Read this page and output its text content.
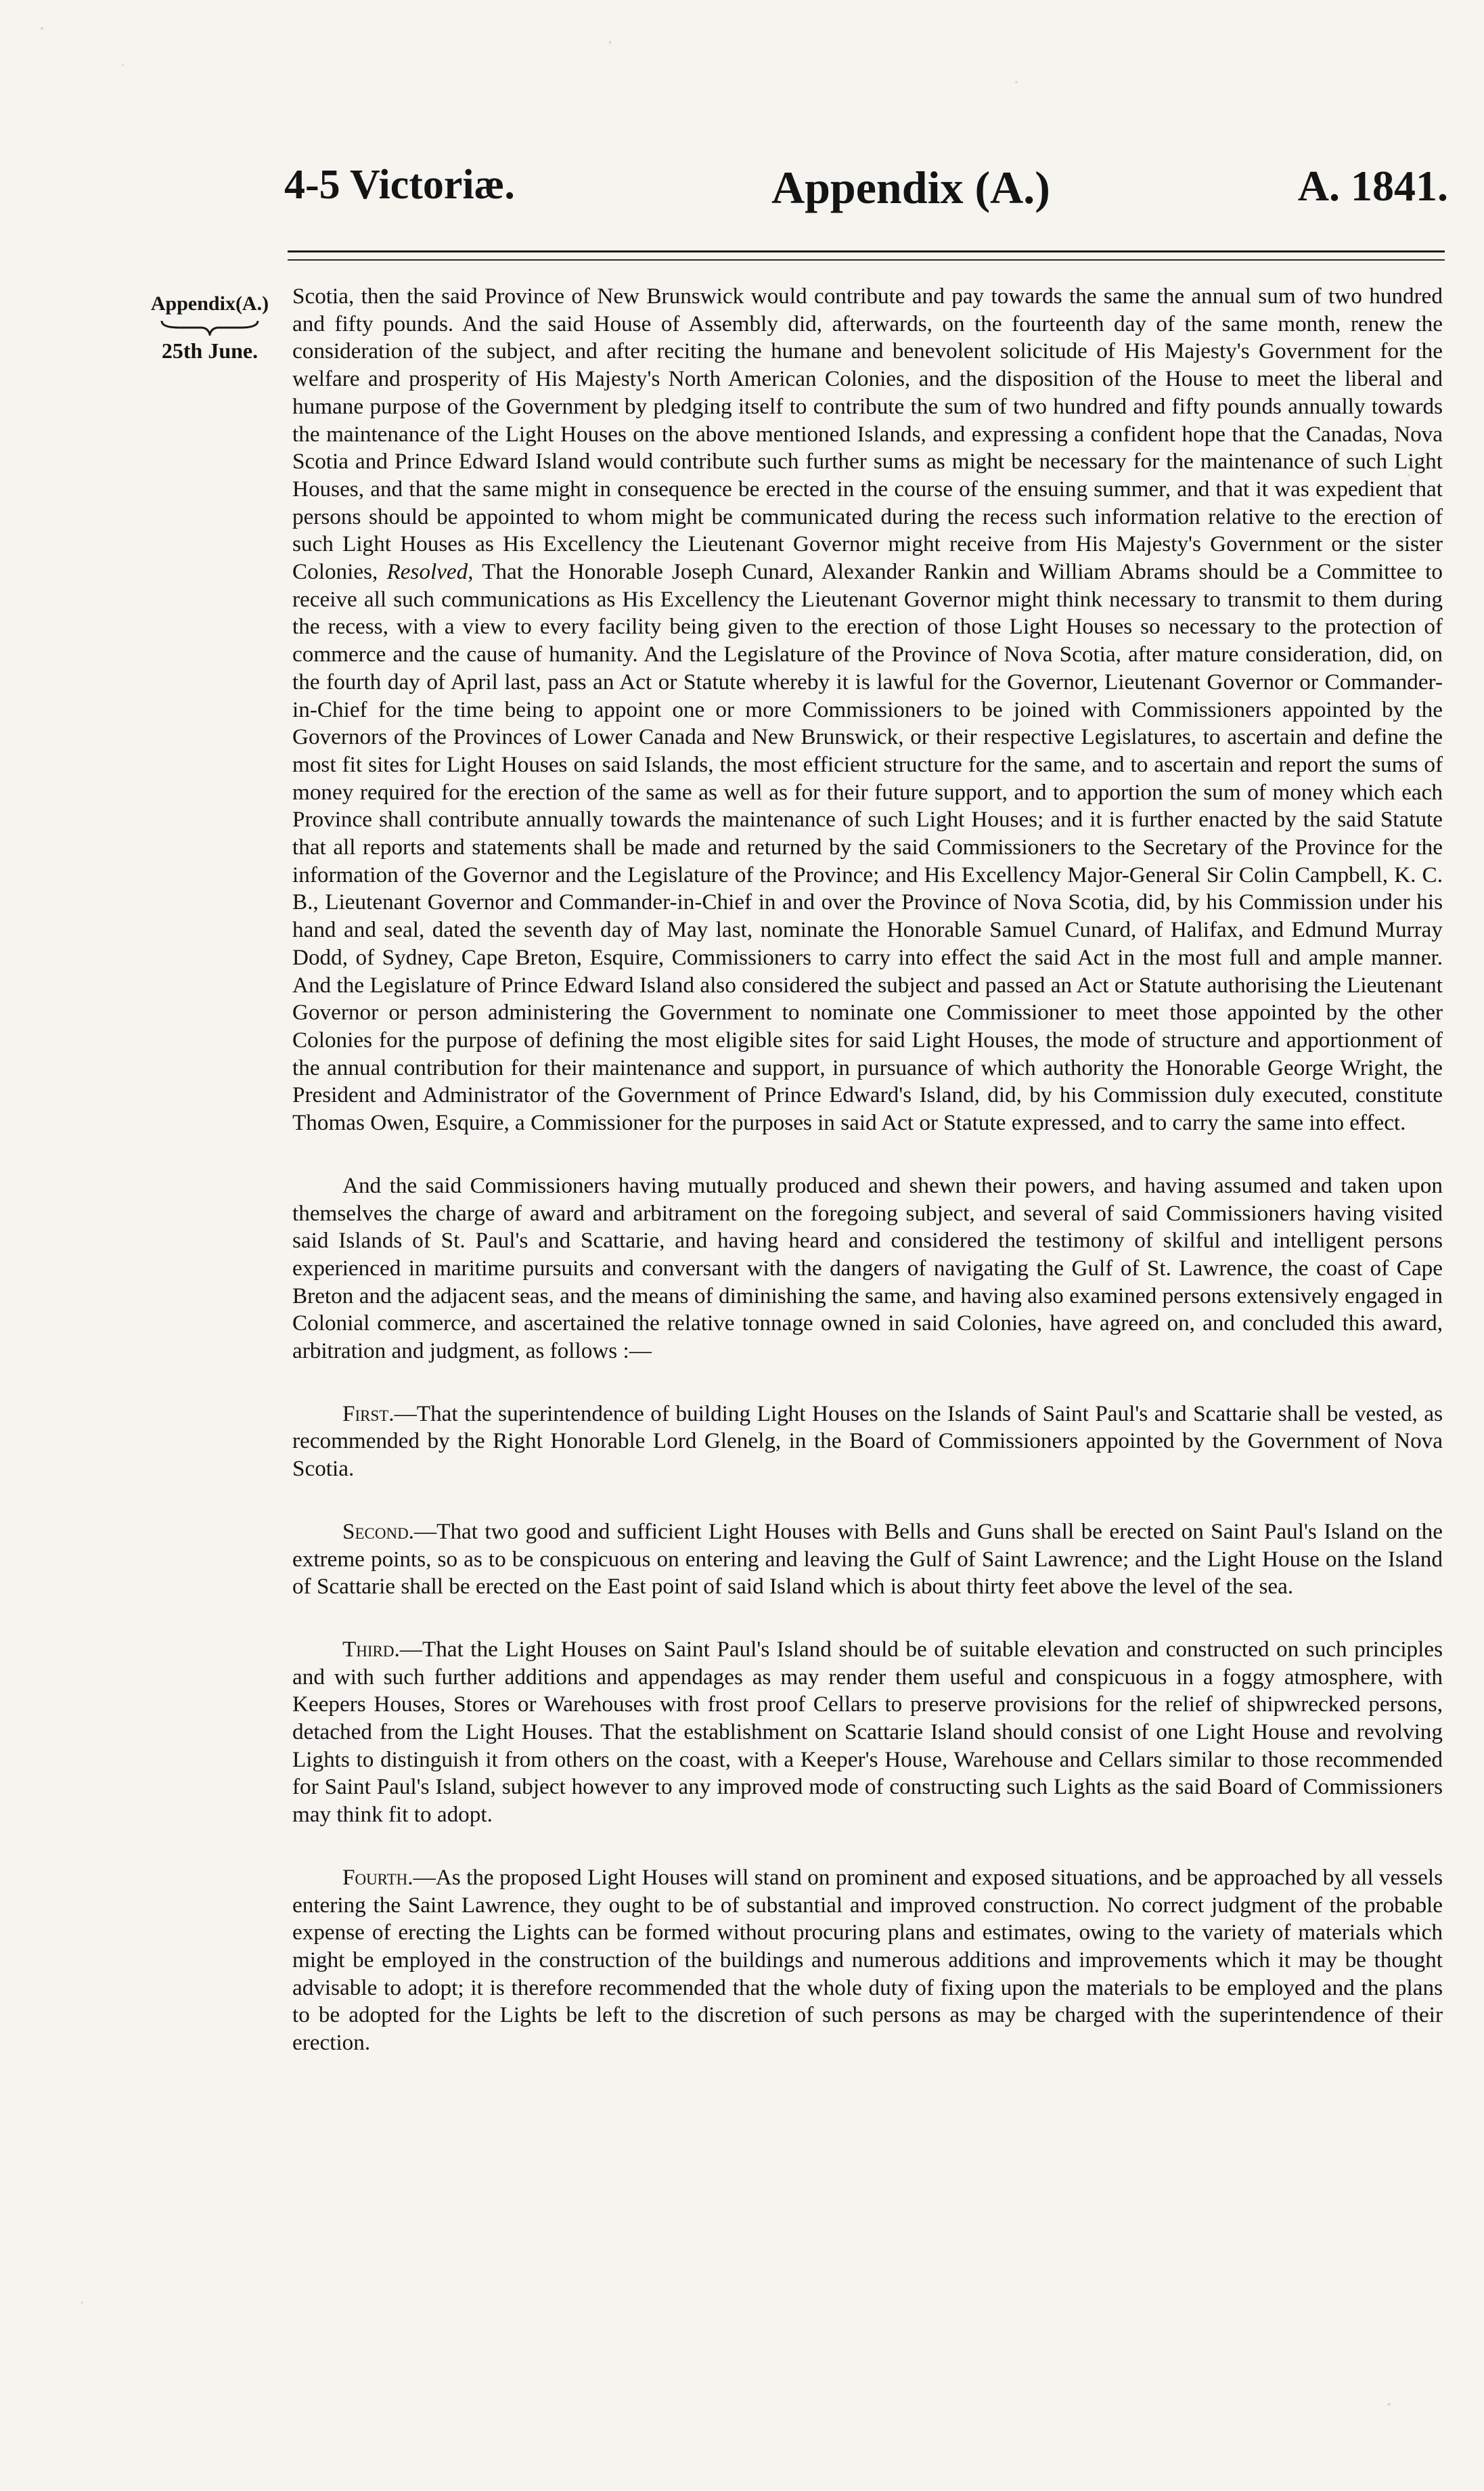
4-5 Victoriæ.	Appendix (A.)	A. 1841.
Appendix(A.)
25th June.

Scotia, then the said Province of New Brunswick would contribute and pay towards the same the annual sum of two hundred and fifty pounds. And the said House of Assembly did, afterwards, on the fourteenth day of the same month, renew the consideration of the subject, and after reciting the humane and benevolent solicitude of His Majesty's Government for the welfare and prosperity of His Majesty's North American Colonies, and the disposition of the House to meet the liberal and humane purpose of the Government by pledging itself to contribute the sum of two hundred and fifty pounds annually towards the maintenance of the Light Houses on the above mentioned Islands, and expressing a confident hope that the Canadas, Nova Scotia and Prince Edward Island would contribute such further sums as might be necessary for the maintenance of such Light Houses, and that the same might in consequence be erected in the course of the ensuing summer, and that it was expedient that persons should be appointed to whom might be communicated during the recess such information relative to the erection of such Light Houses as His Excellency the Lieutenant Governor might receive from His Majesty's Government or the sister Colonies, Resolved, That the Honorable Joseph Cunard, Alexander Rankin and William Abrams should be a Committee to receive all such communications as His Excellency the Lieutenant Governor might think necessary to transmit to them during the recess, with a view to every facility being given to the erection of those Light Houses so necessary to the protection of commerce and the cause of humanity. And the Legislature of the Province of Nova Scotia, after mature consideration, did, on the fourth day of April last, pass an Act or Statute whereby it is lawful for the Governor, Lieutenant Governor or Commander-in-Chief for the time being to appoint one or more Commissioners to be joined with Commissioners appointed by the Governors of the Provinces of Lower Canada and New Brunswick, or their respective Legislatures, to ascertain and define the most fit sites for Light Houses on said Islands, the most efficient structure for the same, and to ascertain and report the sums of money required for the erection of the same as well as for their future support, and to apportion the sum of money which each Province shall contribute annually towards the maintenance of such Light Houses; and it is further enacted by the said Statute that all reports and statements shall be made and returned by the said Commissioners to the Secretary of the Province for the information of the Governor and the Legislature of the Province; and His Excellency Major-General Sir Colin Campbell, K. C. B., Lieutenant Governor and Commander-in-Chief in and over the Province of Nova Scotia, did, by his Commission under his hand and seal, dated the seventh day of May last, nominate the Honorable Samuel Cunard, of Halifax, and Edmund Murray Dodd, of Sydney, Cape Breton, Esquire, Commissioners to carry into effect the said Act in the most full and ample manner. And the Legislature of Prince Edward Island also considered the subject and passed an Act or Statute authorising the Lieutenant Governor or person administering the Government to nominate one Commissioner to meet those appointed by the other Colonies for the purpose of defining the most eligible sites for said Light Houses, the mode of structure and apportionment of the annual contribution for their maintenance and support, in pursuance of which authority the Honorable George Wright, the President and Administrator of the Government of Prince Edward's Island, did, by his Commission duly executed, constitute Thomas Owen, Esquire, a Commissioner for the purposes in said Act or Statute expressed, and to carry the same into effect.

And the said Commissioners having mutually produced and shewn their powers, and having assumed and taken upon themselves the charge of award and arbitrament on the foregoing subject, and several of said Commissioners having visited said Islands of St. Paul's and Scattarie, and having heard and considered the testimony of skilful and intelligent persons experienced in maritime pursuits and conversant with the dangers of navigating the Gulf of St. Lawrence, the coast of Cape Breton and the adjacent seas, and the means of diminishing the same, and having also examined persons extensively engaged in Colonial commerce, and ascertained the relative tonnage owned in said Colonies, have agreed on, and concluded this award, arbitration and judgment, as follows :—

First.—That the superintendence of building Light Houses on the Islands of Saint Paul's and Scattarie shall be vested, as recommended by the Right Honorable Lord Glenelg, in the Board of Commissioners appointed by the Government of Nova Scotia.

Second.—That two good and sufficient Light Houses with Bells and Guns shall be erected on Saint Paul's Island on the extreme points, so as to be conspicuous on entering and leaving the Gulf of Saint Lawrence; and the Light House on the Island of Scattarie shall be erected on the East point of said Island which is about thirty feet above the level of the sea.

Third.—That the Light Houses on Saint Paul's Island should be of suitable elevation and constructed on such principles and with such further additions and appendages as may render them useful and conspicuous in a foggy atmosphere, with Keepers Houses, Stores or Warehouses with frost proof Cellars to preserve provisions for the relief of shipwrecked persons, detached from the Light Houses. That the establishment on Scattarie Island should consist of one Light House and revolving Lights to distinguish it from others on the coast, with a Keeper's House, Warehouse and Cellars similar to those recommended for Saint Paul's Island, subject however to any improved mode of constructing such Lights as the said Board of Commissioners may think fit to adopt.

Fourth.—As the proposed Light Houses will stand on prominent and exposed situations, and be approached by all vessels entering the Saint Lawrence, they ought to be of substantial and improved construction. No correct judgment of the probable expense of erecting the Lights can be formed without procuring plans and estimates, owing to the variety of materials which might be employed in the construction of the buildings and numerous additions and improvements which it may be thought advisable to adopt; it is therefore recommended that the whole duty of fixing upon the materials to be employed and the plans to be adopted for the Lights be left to the discretion of such persons as may be charged with the superintendence of their erection.
